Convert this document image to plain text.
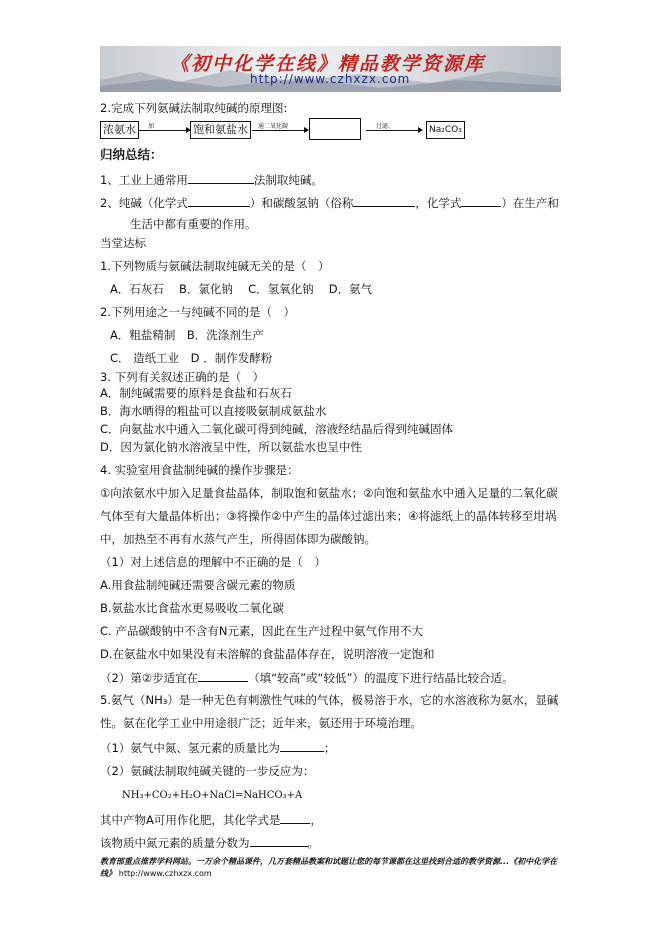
《初中化学在线》精品教学资源库
http://www.czhxzx.com
2.完成下列氨碱法制取纯碱的原理图:
浓氨水	加	饱和氨盐水	通二氧化碳	过滤、	Na₂CO₃
归纳总结：
1、工业上通常用	法制取纯碱。
2、纯碱（化学式	）和碳酸氢钠（俗称	，化学式	）在生产和
生活中都有重要的作用。
当堂达标
1.下列物质与氨碱法制取纯碱无关的是（　）
A．石灰石　 B．氯化钠　 C．氢氧化钠　 D．氨气
2.下列用途之一与纯碱不同的是（　）
A．粗盐精制　B．洗涤剂生产
C． 造纸工业　D ．制作发酵粉
3. 下列有关叙述正确的是（　）
A．制纯碱需要的原料是食盐和石灰石
B．海水晒得的粗盐可以直接吸氨制成氨盐水
C．向氨盐水中通入二氧化碳可得到纯碱，溶液经结晶后得到纯碱固体
D．因为氯化钠水溶液呈中性，所以氨盐水也呈中性
4. 实验室用食盐制纯碱的操作步骤是：
①向浓氨水中加入足量食盐晶体，制取饱和氨盐水；②向饱和氨盐水中通入足量的二氧化碳
气体至有大量晶体析出；③将操作②中产生的晶体过滤出来；④将滤纸上的晶体转移至坩埚
中，加热至不再有水蒸气产生，所得固体即为碳酸钠。
（1）对上述信息的理解中不正确的是（　）
A.用食盐制纯碱还需要含碳元素的物质
B.氨盐水比食盐水更易吸收二氧化碳
C. 产品碳酸钠中不含有N元素，因此在生产过程中氨气作用不大
D.在氨盐水中如果没有未溶解的食盐晶体存在，说明溶液一定饱和
（2）第②步适宜在	（填“较高”或“较低”）的温度下进行结晶比较合适。
5.氨气（NH₃）是一种无色有刺激性气味的气体，极易溶于水，它的水溶液称为氨水，显碱
性。氨在化学工业中用途很广泛；近年来，氨还用于环境治理。
（1）氨气中氮、氢元素的质量比为	；
（2）氨碱法制取纯碱关键的一步反应为：
NH₃+CO₂+H₂O+NaCl=NaHCO₃+A
其中产物A可用作化肥，其化学式是	，
该物质中氮元素的质量分数为	。
教育部重点推荐学科网站。一万余个精品课件，几万套精品教案和试题让您的每节课都在这里找到合适的教学资源...《初中化学在线》 http://www.czhxzx.com
